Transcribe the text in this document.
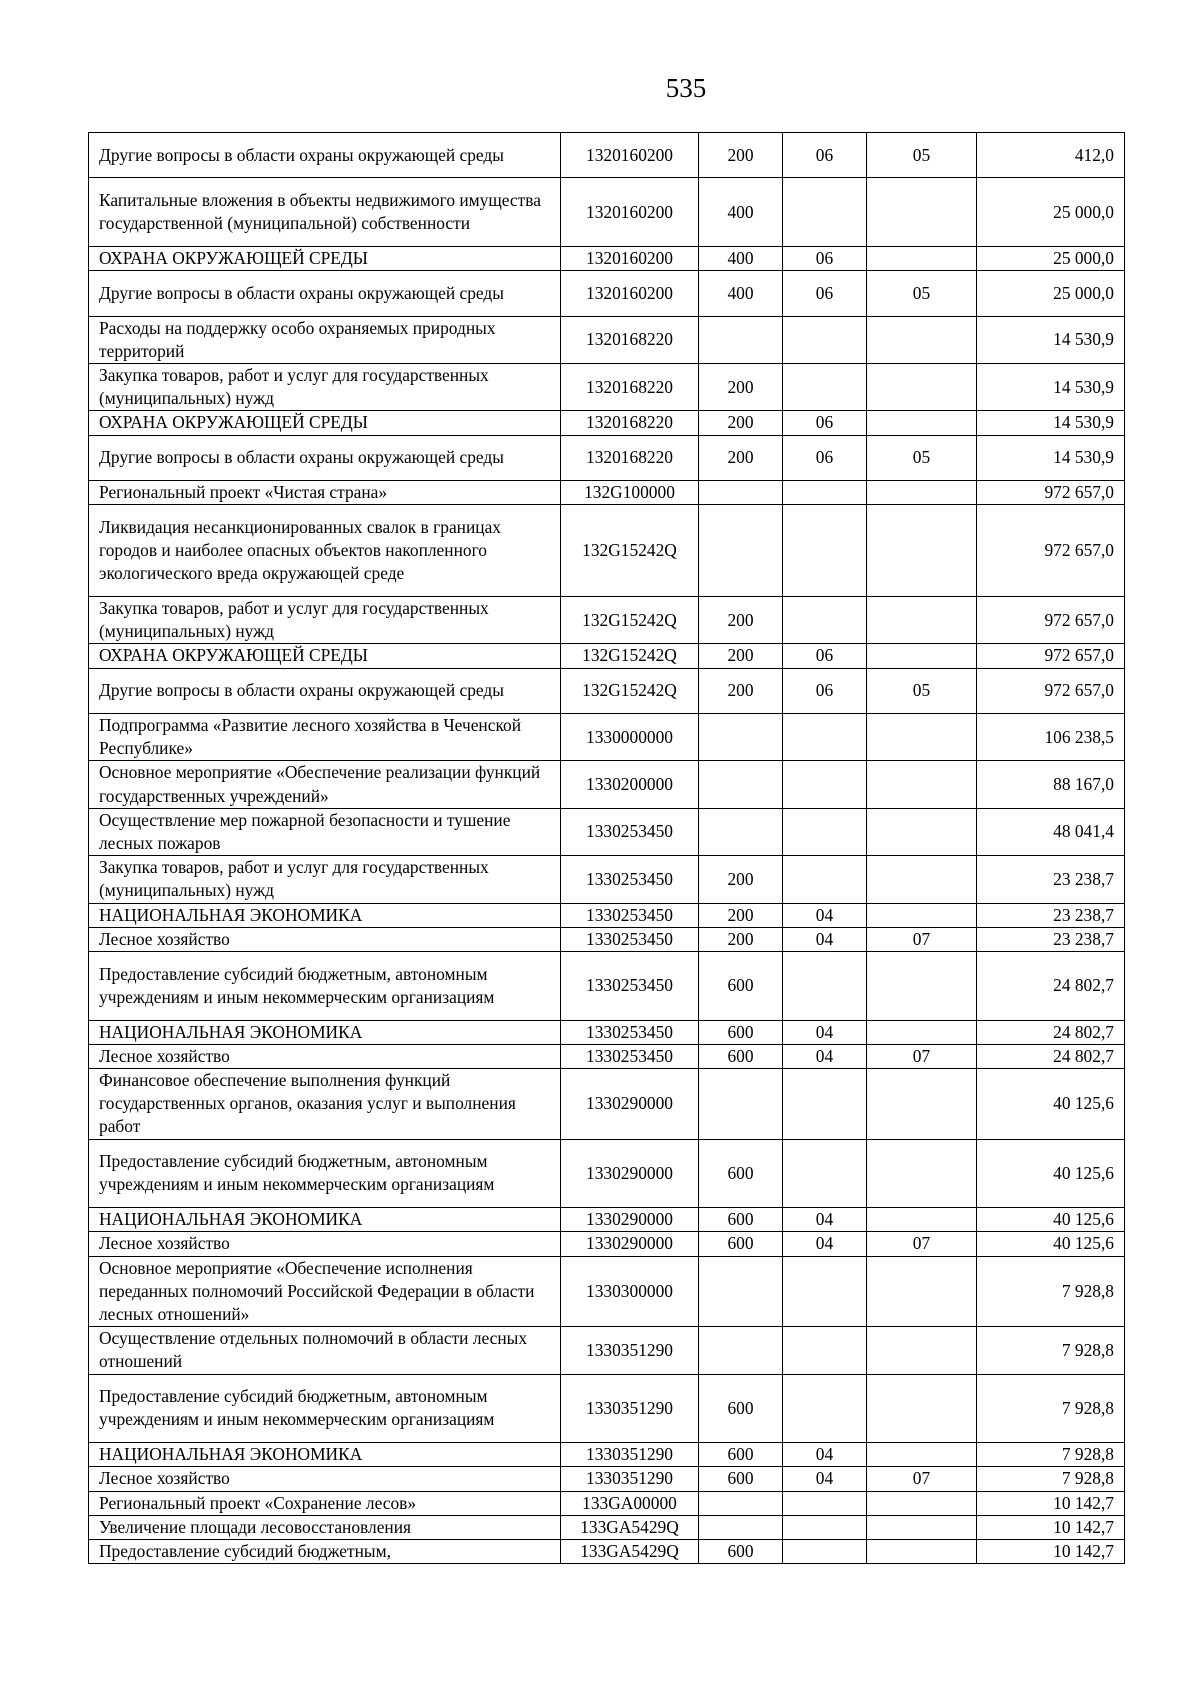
535
Другие вопросы в области охраны окружающей среды	1320160200	200	06	05	412,0
Капитальные вложения в объекты недвижимого имущества государственной (муниципальной) собственности	1320160200	400			25 000,0
ОХРАНА ОКРУЖАЮЩЕЙ СРЕДЫ	1320160200	400	06		25 000,0
Другие вопросы в области охраны окружающей среды	1320160200	400	06	05	25 000,0
Расходы на поддержку особо охраняемых природных территорий	1320168220				14 530,9
Закупка товаров, работ и услуг для государственных (муниципальных) нужд	1320168220	200			14 530,9
ОХРАНА ОКРУЖАЮЩЕЙ СРЕДЫ	1320168220	200	06		14 530,9
Другие вопросы в области охраны окружающей среды	1320168220	200	06	05	14 530,9
Региональный проект «Чистая страна»	132G100000				972 657,0
Ликвидация несанкционированных свалок в границах городов и наиболее опасных объектов накопленного экологического вреда окружающей среде	132G15242Q				972 657,0
Закупка товаров, работ и услуг для государственных (муниципальных) нужд	132G15242Q	200			972 657,0
ОХРАНА ОКРУЖАЮЩЕЙ СРЕДЫ	132G15242Q	200	06		972 657,0
Другие вопросы в области охраны окружающей среды	132G15242Q	200	06	05	972 657,0
Подпрограмма «Развитие лесного хозяйства в Чеченской Республике»	1330000000				106 238,5
Основное мероприятие «Обеспечение реализации функций государственных учреждений»	1330200000				88 167,0
Осуществление мер пожарной безопасности и тушение лесных пожаров	1330253450				48 041,4
Закупка товаров, работ и услуг для государственных (муниципальных) нужд	1330253450	200			23 238,7
НАЦИОНАЛЬНАЯ ЭКОНОМИКА	1330253450	200	04		23 238,7
Лесное хозяйство	1330253450	200	04	07	23 238,7
Предоставление субсидий бюджетным, автономным учреждениям и иным некоммерческим организациям	1330253450	600			24 802,7
НАЦИОНАЛЬНАЯ ЭКОНОМИКА	1330253450	600	04		24 802,7
Лесное хозяйство	1330253450	600	04	07	24 802,7
Финансовое обеспечение выполнения функций государственных органов, оказания услуг и выполнения работ	1330290000				40 125,6
Предоставление субсидий бюджетным, автономным учреждениям и иным некоммерческим организациям	1330290000	600			40 125,6
НАЦИОНАЛЬНАЯ ЭКОНОМИКА	1330290000	600	04		40 125,6
Лесное хозяйство	1330290000	600	04	07	40 125,6
Основное мероприятие «Обеспечение исполнения переданных полномочий Российской Федерации в области лесных отношений»	1330300000				7 928,8
Осуществление отдельных полномочий в области лесных отношений	1330351290				7 928,8
Предоставление субсидий бюджетным, автономным учреждениям и иным некоммерческим организациям	1330351290	600			7 928,8
НАЦИОНАЛЬНАЯ ЭКОНОМИКА	1330351290	600	04		7 928,8
Лесное хозяйство	1330351290	600	04	07	7 928,8
Региональный проект «Сохранение лесов»	133GA00000				10 142,7
Увеличение площади лесовосстановления	133GA5429Q				10 142,7
Предоставление субсидий бюджетным,	133GA5429Q	600			10 142,7
